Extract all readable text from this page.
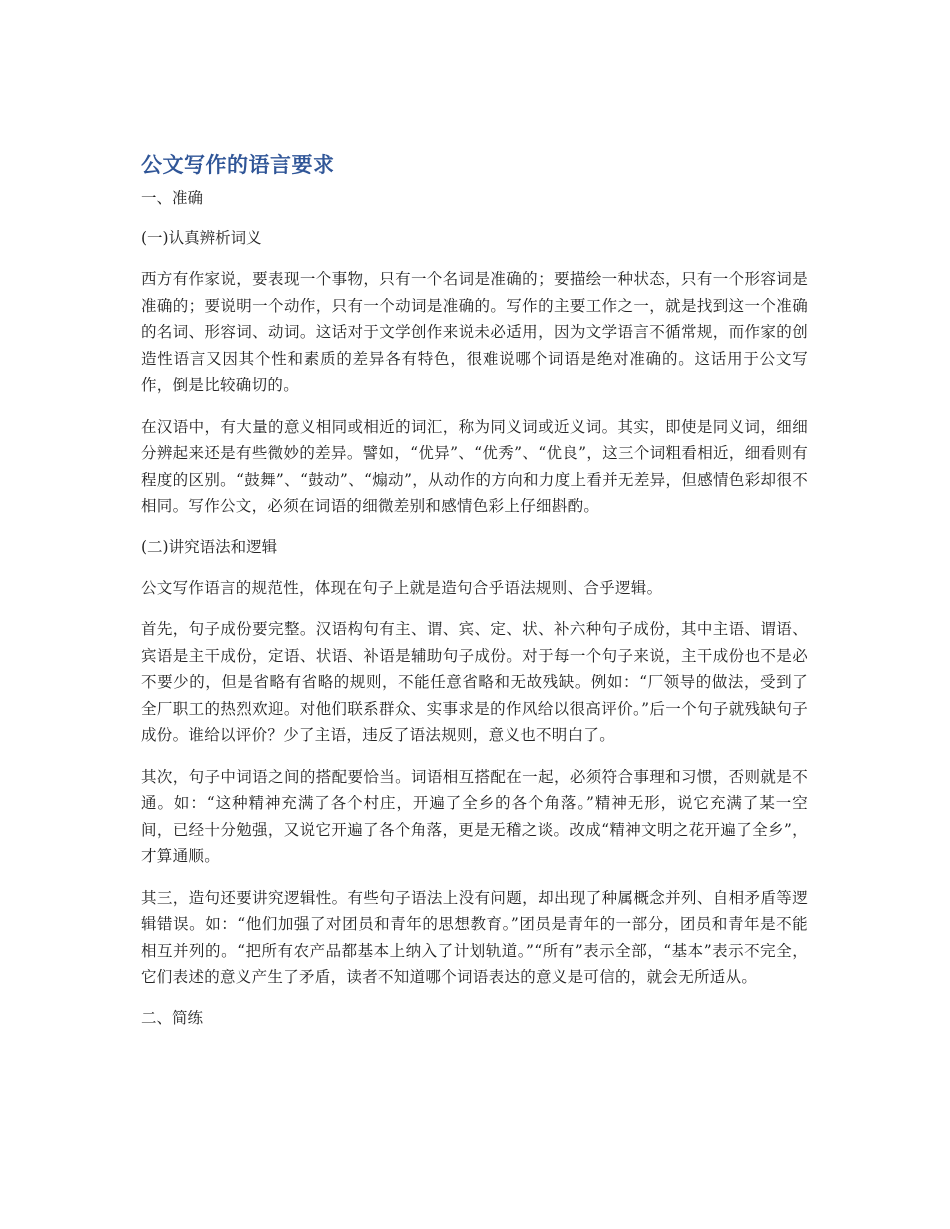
公文写作的语言要求
一、准确
(一)认真辨析词义

西方有作家说，要表现一个事物，只有一个名词是准确的；要描绘一种状态，只有一个形容词是准确的；要说明一个动作，只有一个动词是准确的。写作的主要工作之一，就是找到这一个准确的名词、形容词、动词。这话对于文学创作来说未必适用，因为文学语言不循常规，而作家的创造性语言又因其个性和素质的差异各有特色，很难说哪个词语是绝对准确的。这话用于公文写作，倒是比较确切的。

在汉语中，有大量的意义相同或相近的词汇，称为同义词或近义词。其实，即使是同义词，细细分辨起来还是有些微妙的差异。譬如，“优异”、“优秀”、“优良”，这三个词粗看相近，细看则有程度的区别。“鼓舞”、“鼓动”、“煽动”，从动作的方向和力度上看并无差异，但感情色彩却很不相同。写作公文，必须在词语的细微差别和感情色彩上仔细斟酌。

(二)讲究语法和逻辑

公文写作语言的规范性，体现在句子上就是造句合乎语法规则、合乎逻辑。

首先，句子成份要完整。汉语构句有主、谓、宾、定、状、补六种句子成份，其中主语、谓语、宾语是主干成份，定语、状语、补语是辅助句子成份。对于每一个句子来说，主干成份也不是必不要少的，但是省略有省略的规则，不能任意省略和无故残缺。例如：“厂领导的做法，受到了全厂职工的热烈欢迎。对他们联系群众、实事求是的作风给以很高评价。”后一个句子就残缺句子成份。谁给以评价？少了主语，违反了语法规则，意义也不明白了。

其次，句子中词语之间的搭配要恰当。词语相互搭配在一起，必须符合事理和习惯，否则就是不通。如：“这种精神充满了各个村庄，开遍了全乡的各个角落。”精神无形，说它充满了某一空间，已经十分勉强，又说它开遍了各个角落，更是无稽之谈。改成“精神文明之花开遍了全乡”，才算通顺。

其三，造句还要讲究逻辑性。有些句子语法上没有问题，却出现了种属概念并列、自相矛盾等逻辑错误。如：“他们加强了对团员和青年的思想教育。”团员是青年的一部分，团员和青年是不能相互并列的。“把所有农产品都基本上纳入了计划轨道。”“所有”表示全部，“基本”表示不完全，它们表述的意义产生了矛盾，读者不知道哪个词语表达的意义是可信的，就会无所适从。

二、简练
